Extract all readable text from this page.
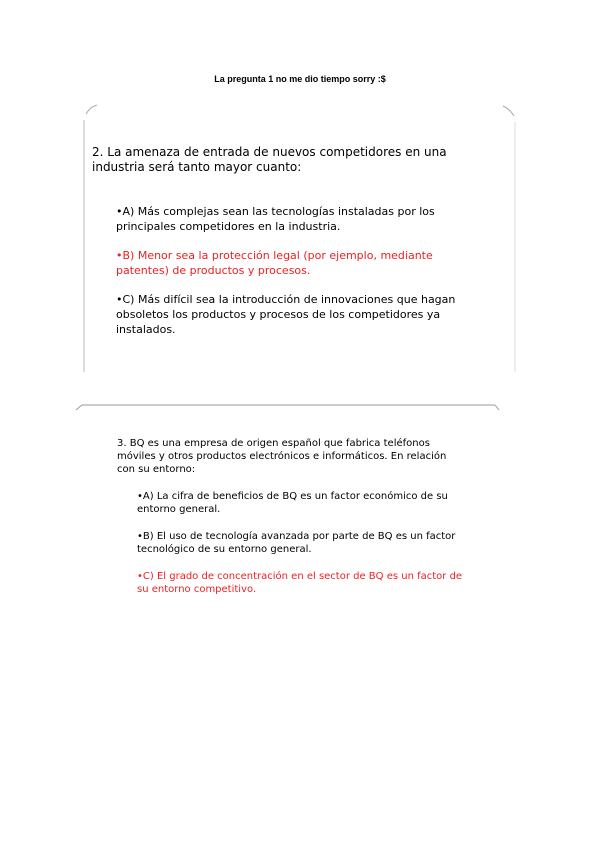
La pregunta 1 no me dio tiempo sorry :$
2. La amenaza de entrada de nuevos competidores en una industria será tanto mayor cuanto:
•A) Más complejas sean las tecnologías instaladas por los principales competidores en la industria.
•B) Menor sea la protección legal (por ejemplo, mediante patentes) de productos y procesos.
•C) Más difícil sea la introducción de innovaciones que hagan obsoletos los productos y procesos de los competidores ya instalados.
3. BQ es una empresa de origen español que fabrica teléfonos móviles y otros productos electrónicos e informáticos. En relación con su entorno:
•A) La cifra de beneficios de BQ es un factor económico de su entorno general.
•B) El uso de tecnología avanzada por parte de BQ es un factor tecnológico de su entorno general.
•C) El grado de concentración en el sector de BQ es un factor de su entorno competitivo.
